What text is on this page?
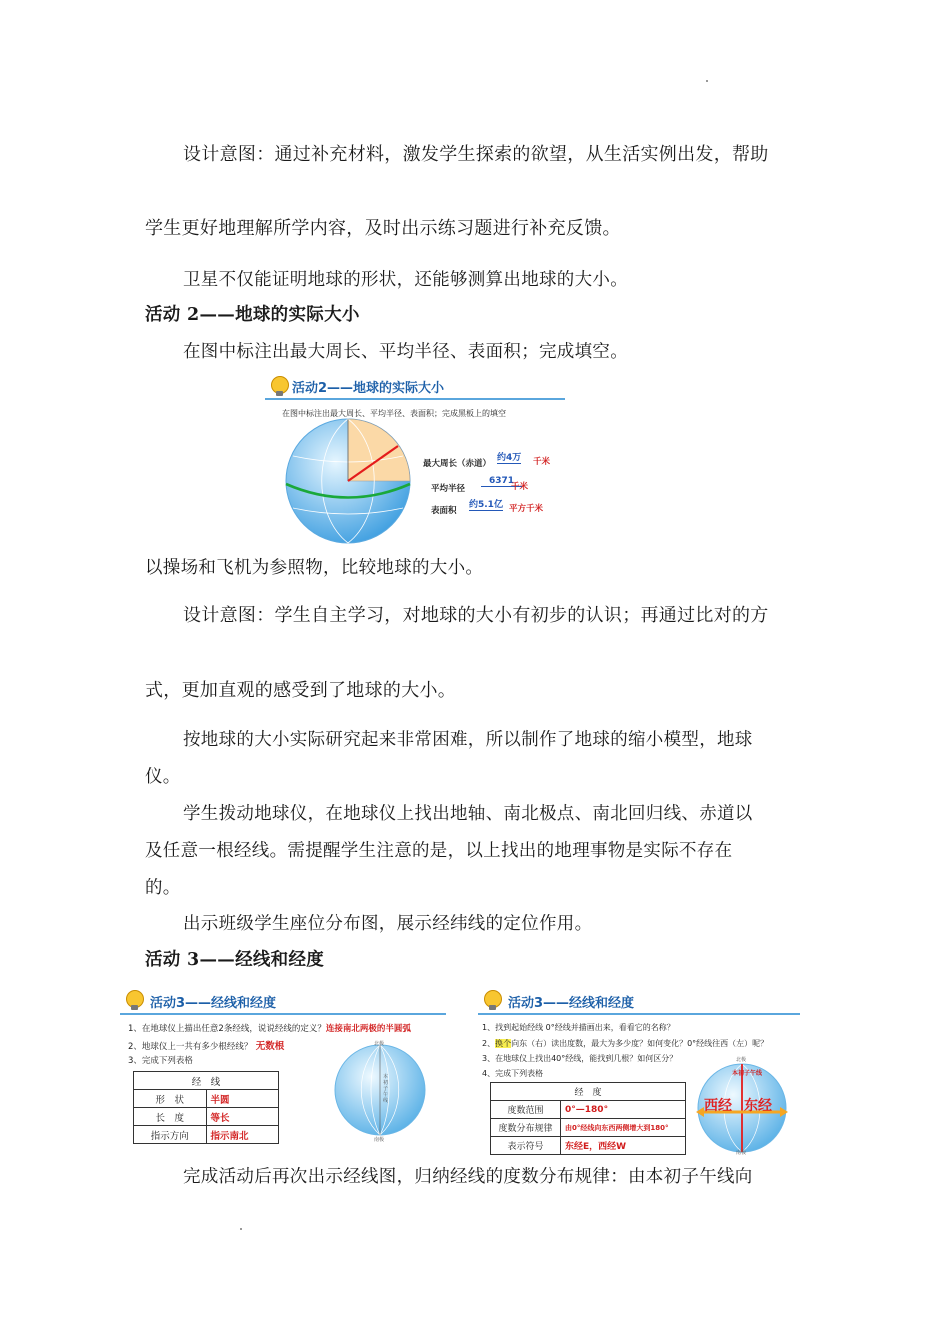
设计意图：通过补充材料，激发学生探索的欲望，从生活实例出发，帮助
学生更好地理解所学内容，及时出示练习题进行补充反馈。
卫星不仅能证明地球的形状，还能够测算出地球的大小。
活动 2——地球的实际大小
在图中标注出最大周长、平均半径、表面积；完成填空。
活动2——地球的实际大小
在图中标注出最大周长、平均半径、表面积；完成黑板上的填空
最大周长（赤道）
约4万 千米
平均半径
6371
千米
表面积
约5.1亿 平方千米
以操场和飞机为参照物，比较地球的大小。
设计意图：学生自主学习，对地球的大小有初步的认识；再通过比对的方
式，更加直观的感受到了地球的大小。
按地球的大小实际研究起来非常困难，所以制作了地球的缩小模型，地球
仪。
学生拨动地球仪，在地球仪上找出地轴、南北极点、南北回归线、赤道以
及任意一根经线。需提醒学生注意的是，以上找出的地理事物是实际不存在
的。
出示班级学生座位分布图，展示经纬线的定位作用。
活动 3——经线和经度
活动3——经线和经度
1、在地球仪上描出任意2条经线，说说经线的定义？连接南北两极的半圆弧
2、地球仪上一共有多少根经线？ 无数根
3、完成下列表格
经　线	
形　状	半圆
长　度	等长
指示方向	指示南北
北极
南极
本初子午线
活动3——经线和经度
1、找到起始经线 0°经线并描画出来，看看它的名称？
2、换个向东（右）读出度数，最大为多少度？如何变化？0°经线往西（左）呢？
3、在地球仪上找出40°经线，能找到几根？如何区分？
4、完成下列表格
经　度	
度数范围	0°—180°
度数分布规律	由0°经线向东西两侧增大到180°
表示符号	东经E，西经W
西经 东经
本初子午线
北极
南极
完成活动后再次出示经线图，归纳经线的度数分布规律：由本初子午线向
